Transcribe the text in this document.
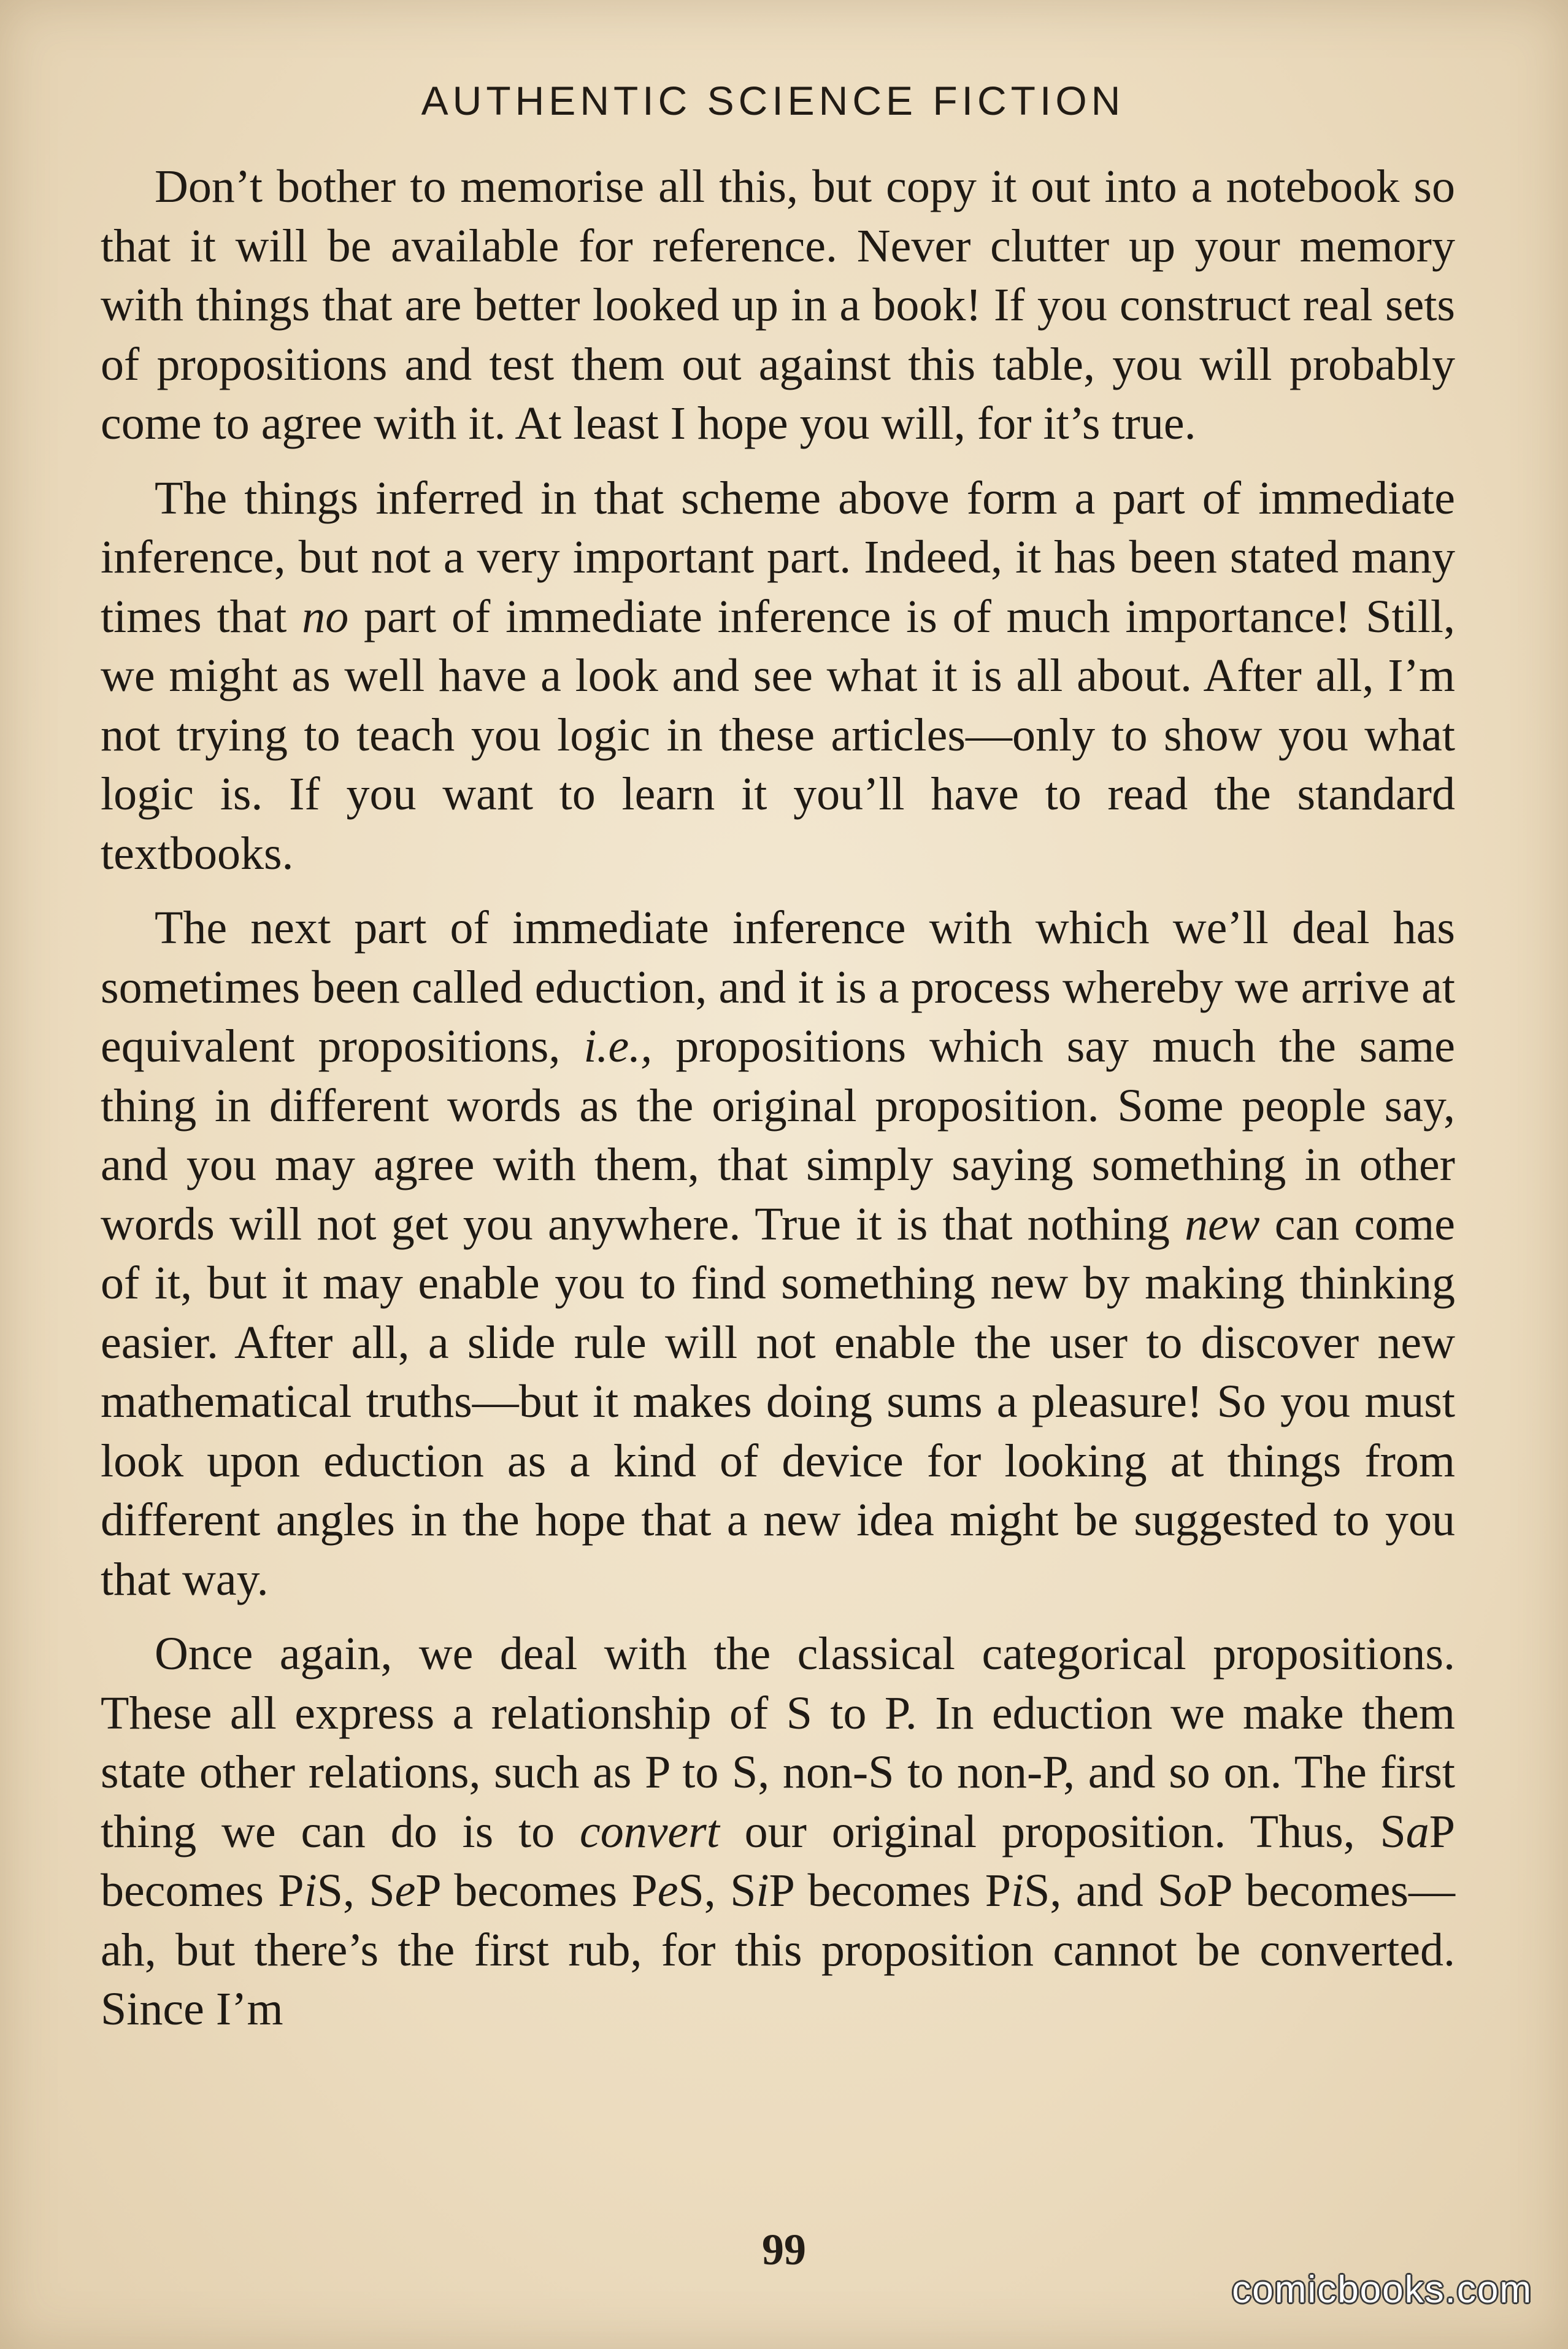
AUTHENTIC SCIENCE FICTION

Don’t bother to memorise all this, but copy it out into a notebook so that it will be available for reference. Never clutter up your memory with things that are better looked up in a book! If you construct real sets of propositions and test them out against this table, you will probably come to agree with it. At least I hope you will, for it’s true.

The things inferred in that scheme above form a part of immediate inference, but not a very important part. Indeed, it has been stated many times that no part of immediate inference is of much importance! Still, we might as well have a look and see what it is all about. After all, I’m not trying to teach you logic in these articles—only to show you what logic is. If you want to learn it you’ll have to read the standard textbooks.

The next part of immediate inference with which we’ll deal has sometimes been called eduction, and it is a process whereby we arrive at equivalent propositions, i.e., propositions which say much the same thing in different words as the original proposition. Some people say, and you may agree with them, that simply saying something in other words will not get you anywhere. True it is that nothing new can come of it, but it may enable you to find something new by making thinking easier. After all, a slide rule will not enable the user to discover new mathematical truths—but it makes doing sums a pleasure! So you must look upon eduction as a kind of device for looking at things from different angles in the hope that a new idea might be suggested to you that way.

Once again, we deal with the classical categorical propositions. These all express a relationship of S to P. In eduction we make them state other relations, such as P to S, non-S to non-P, and so on. The first thing we can do is to convert our original proposition. Thus, SaP becomes PiS, SeP becomes PeS, SiP becomes PiS, and SoP becomes—ah, but there’s the first rub, for this proposition cannot be converted. Since I’m

99
comicbooks.com
